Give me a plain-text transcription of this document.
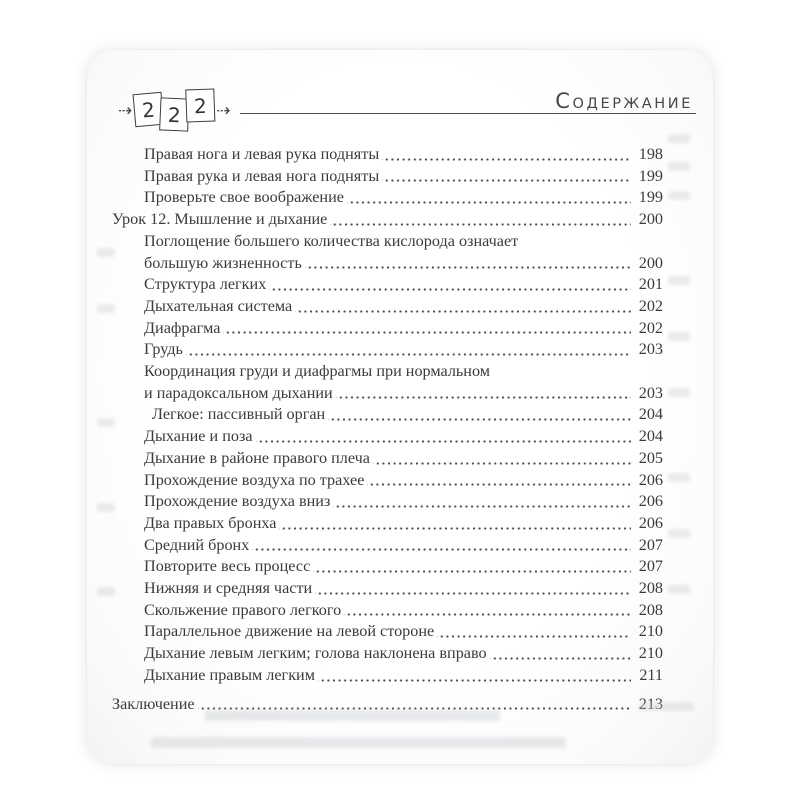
⇢ 2 2 2 ⇢	СОДЕРЖАНИЕ
Правая нога и левая рука подняты	198
Правая рука и левая нога подняты	199
Проверьте свое воображение	199
Урок 12. Мышление и дыхание	200
Поглощение большего количества кислорода означает
большую жизненность	200
Структура легких	201
Дыхательная система	202
Диафрагма	202
Грудь	203
Координация груди и диафрагмы при нормальном
и парадоксальном дыхании	203
Легкое: пассивный орган	204
Дыхание и поза	204
Дыхание в районе правого плеча	205
Прохождение воздуха по трахее	206
Прохождение воздуха вниз	206
Два правых бронха	206
Средний бронх	207
Повторите весь процесс	207
Нижняя и средняя части	208
Скольжение правого легкого	208
Параллельное движение на левой стороне	210
Дыхание левым легким; голова наклонена вправо	210
Дыхание правым легким	211
Заключение	213
